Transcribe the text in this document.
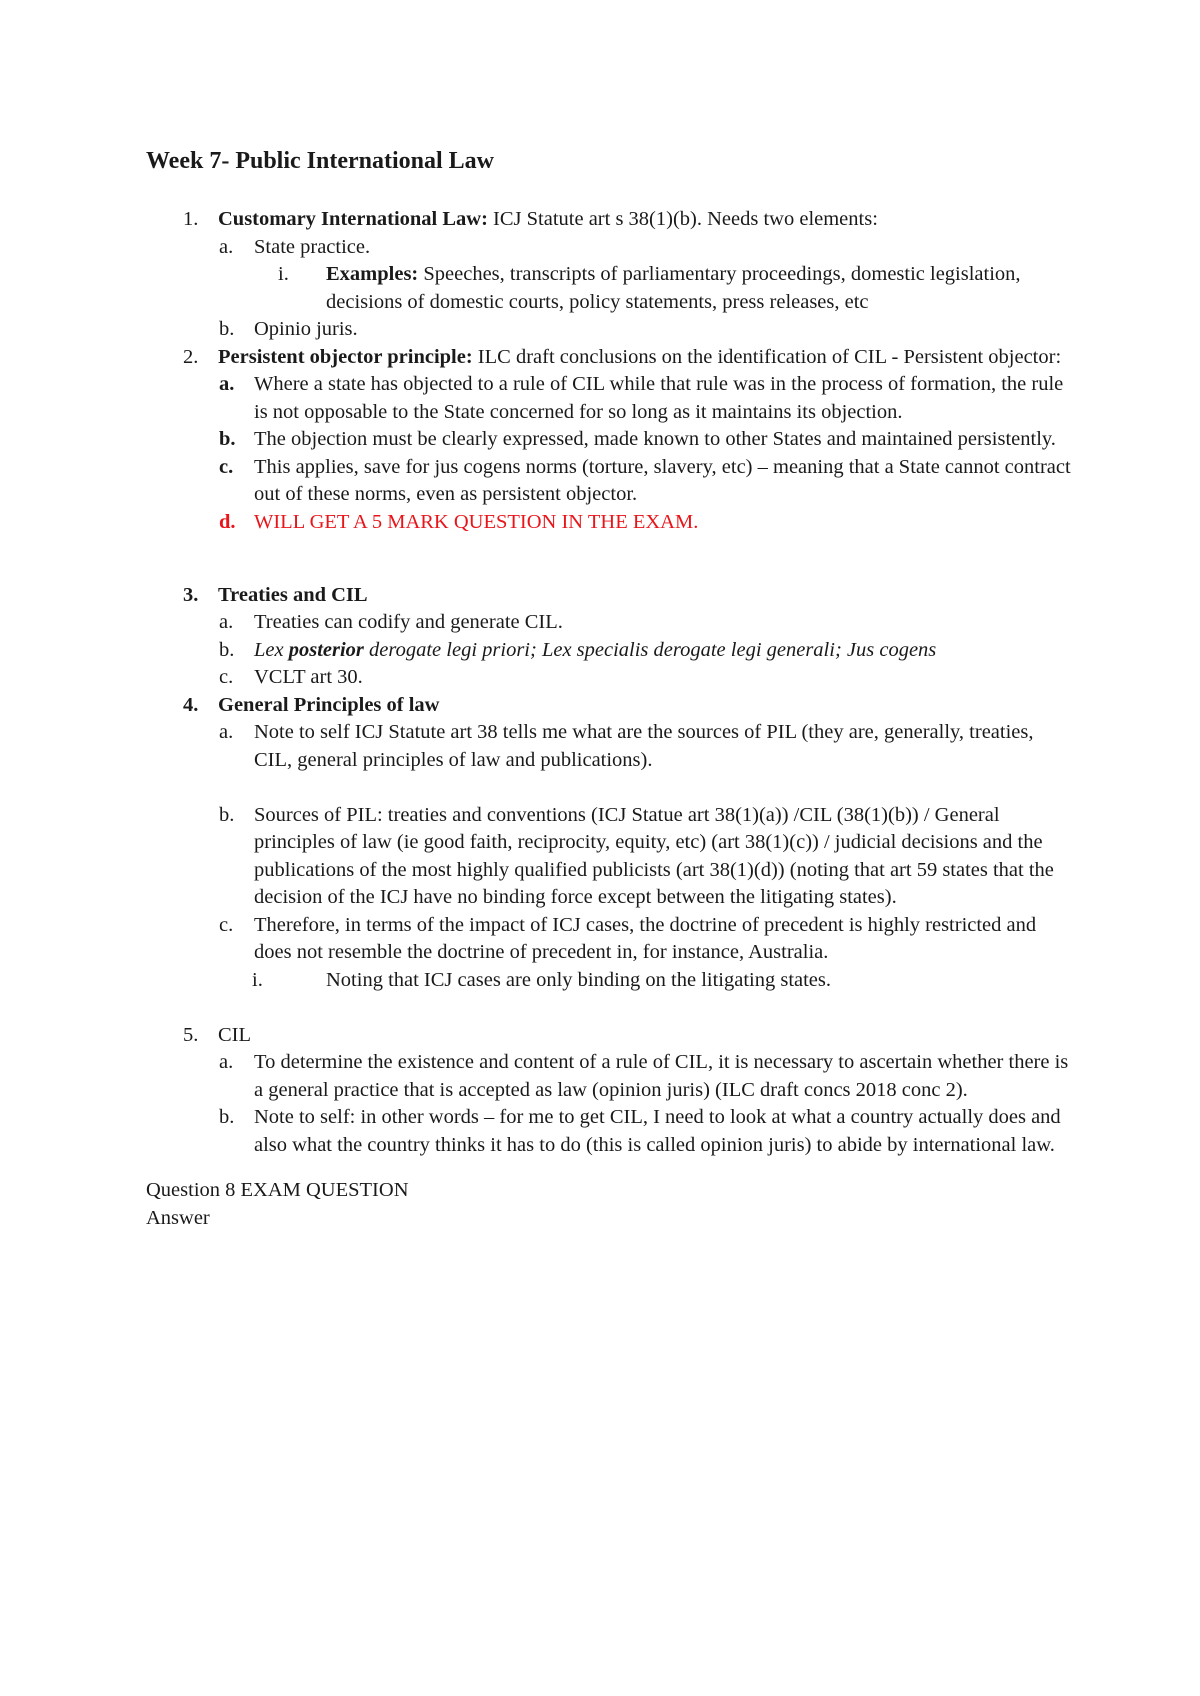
Week 7- Public International Law
1. Customary International Law: ICJ Statute art s 38(1)(b). Needs two elements:
a. State practice.
i. Examples: Speeches, transcripts of parliamentary proceedings, domestic legislation, decisions of domestic courts, policy statements, press releases, etc
b. Opinio juris.
2. Persistent objector principle: ILC draft conclusions on the identification of CIL - Persistent objector:
a. Where a state has objected to a rule of CIL while that rule was in the process of formation, the rule is not opposable to the State concerned for so long as it maintains its objection.
b. The objection must be clearly expressed, made known to other States and maintained persistently.
c. This applies, save for jus cogens norms (torture, slavery, etc) – meaning that a State cannot contract out of these norms, even as persistent objector.
d. WILL GET A 5 MARK QUESTION IN THE EXAM.
3. Treaties and CIL
a. Treaties can codify and generate CIL.
b. Lex posterior derogate legi priori; Lex specialis derogate legi generali; Jus cogens
c. VCLT art 30.
4. General Principles of law
a. Note to self ICJ Statute art 38 tells me what are the sources of PIL (they are, generally, treaties, CIL, general principles of law and publications).
b. Sources of PIL: treaties and conventions (ICJ Statue art 38(1)(a)) /CIL (38(1)(b)) / General principles of law (ie good faith, reciprocity, equity, etc) (art 38(1)(c)) / judicial decisions and the publications of the most highly qualified publicists (art 38(1)(d)) (noting that art 59 states that the decision of the ICJ have no binding force except between the litigating states).
c. Therefore, in terms of the impact of ICJ cases, the doctrine of precedent is highly restricted and does not resemble the doctrine of precedent in, for instance, Australia.
i.	Noting that ICJ cases are only binding on the litigating states.
5. CIL
a. To determine the existence and content of a rule of CIL, it is necessary to ascertain whether there is a general practice that is accepted as law (opinion juris) (ILC draft concs 2018 conc 2).
b. Note to self: in other words – for me to get CIL, I need to look at what a country actually does and also what the country thinks it has to do (this is called opinion juris) to abide by international law.
Question 8 EXAM QUESTION
Answer
